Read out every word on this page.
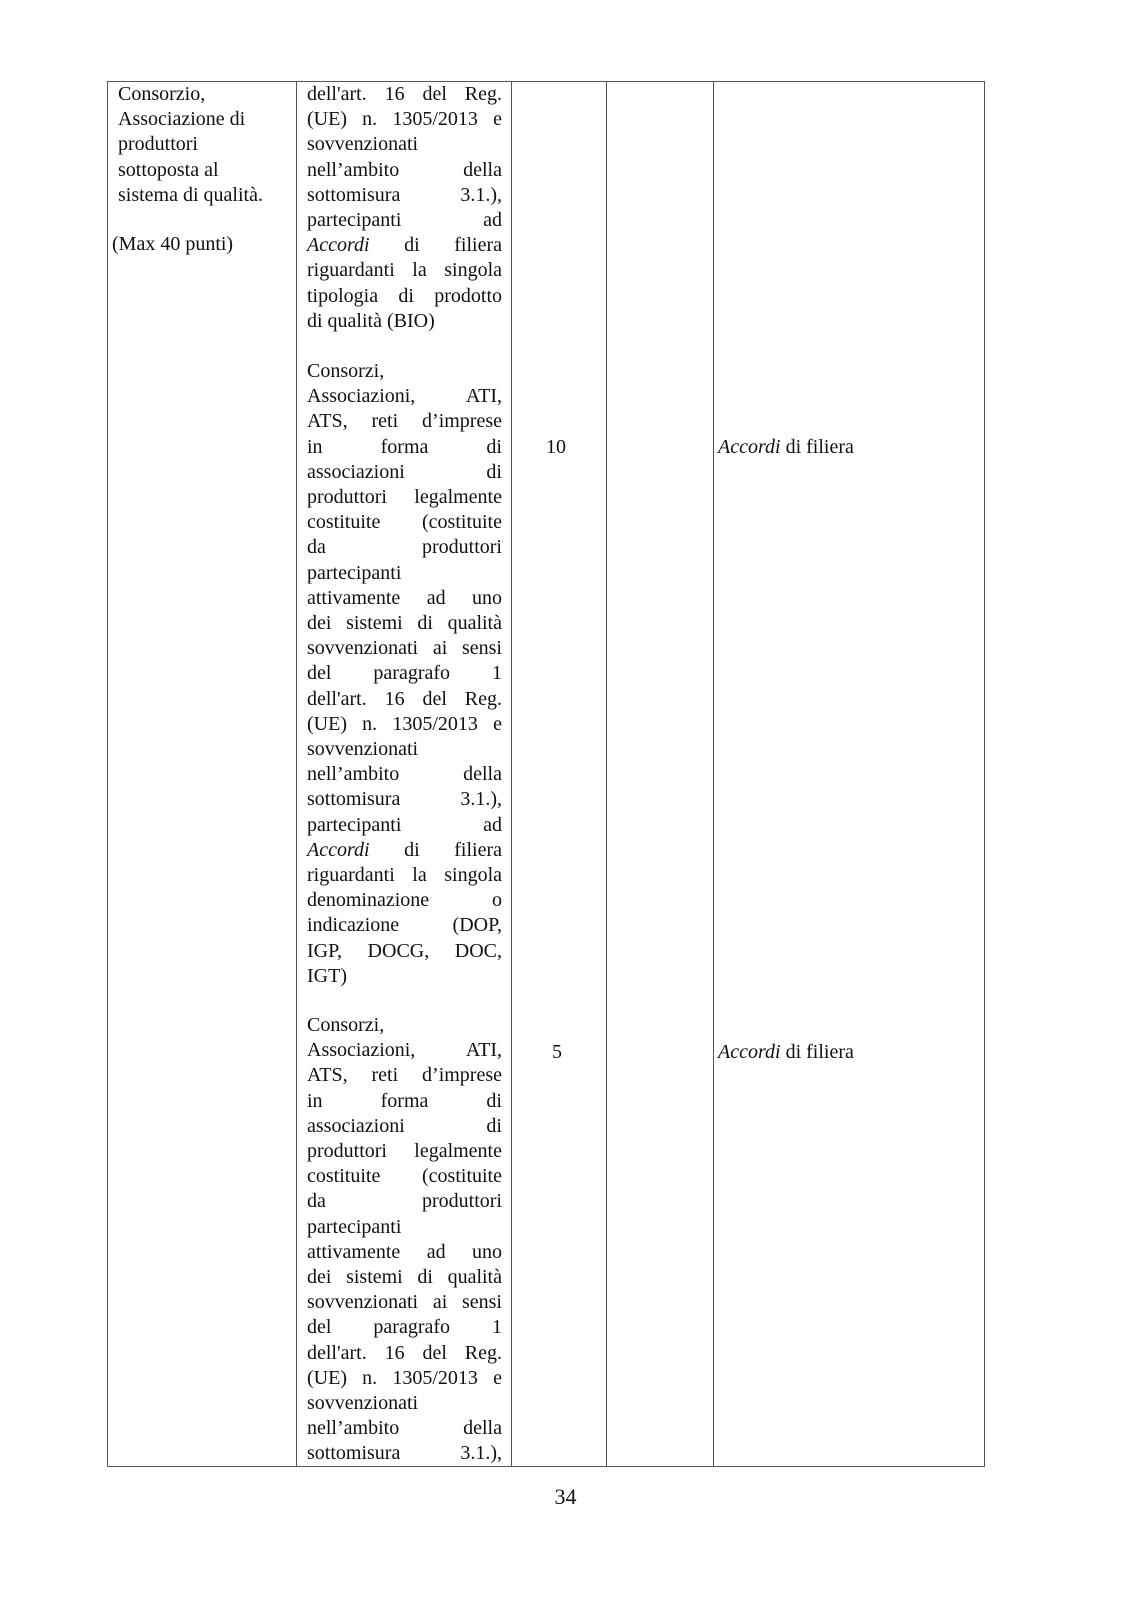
Consorzio,

Associazione di

produttori

sottoposta al

sistema di qualità.

(Max 40 punti)

dell'art. 16 del Reg.

(UE) n. 1305/2013 e

sovvenzionati

nell’ambito della

sottomisura 3.1.),

partecipanti ad

Accordi di filiera

riguardanti la singola

tipologia di prodotto

di qualità (BIO)

Consorzi,

Associazioni, ATI,

ATS, reti d’imprese

in forma di

associazioni di

produttori legalmente

costituite (costituite

da produttori

partecipanti

attivamente ad uno

dei sistemi di qualità

sovvenzionati ai sensi

del paragrafo 1

dell'art. 16 del Reg.

(UE) n. 1305/2013 e

sovvenzionati

nell’ambito della

sottomisura 3.1.),

partecipanti ad

Accordi di filiera

riguardanti la singola

denominazione o

indicazione (DOP,

IGP, DOCG, DOC,

IGT)

Consorzi,

Associazioni, ATI,

ATS, reti d’imprese

in forma di

associazioni di

produttori legalmente

costituite (costituite

da produttori

partecipanti

attivamente ad uno

dei sistemi di qualità

sovvenzionati ai sensi

del paragrafo 1

dell'art. 16 del Reg.

(UE) n. 1305/2013 e

sovvenzionati

nell’ambito della

sottomisura 3.1.),

10
5
Accordi di filiera
Accordi di filiera
34
